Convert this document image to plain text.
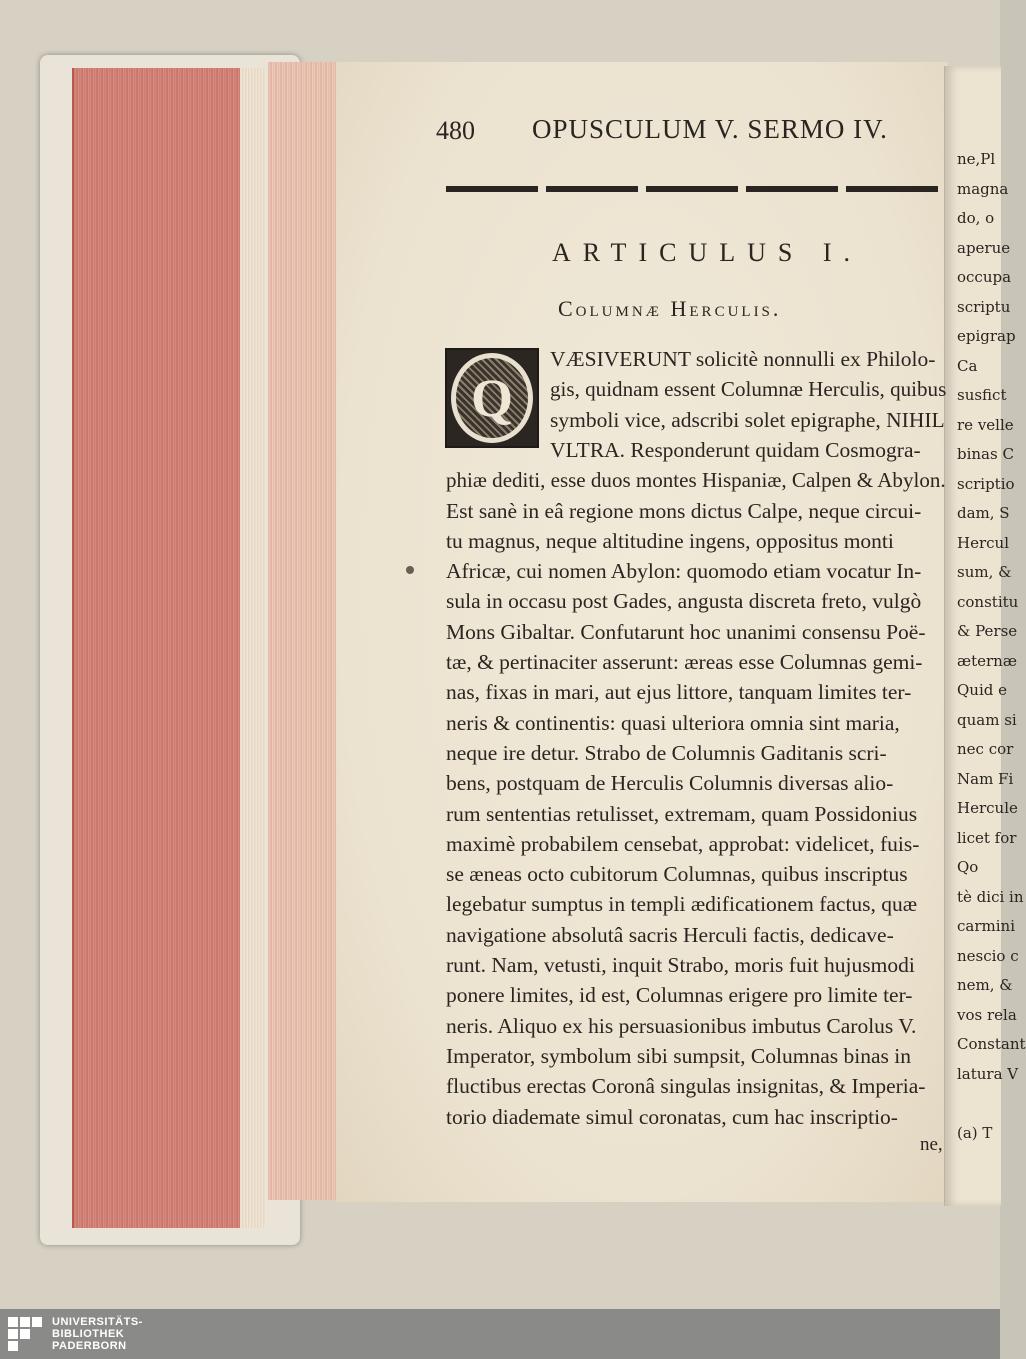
ne,Pl
magna
do, o
aperue
occupa
scriptu
epigrap
Ca
susfict
re velle
binas C
scriptio
dam, S
Hercul
sum, &
constitu
& Perse
æternæ
Quid e
quam si
nec cor
Nam Fi
Hercule
licet for
Qo
tè dici in
carmini
nescio c
nem, &
vos rela
Constant
latura V
(a) T
480 OPUSCULUM V. SERMO IV.
ARTICULUS I.
Columnæ Herculis.
Q
VÆSIVERUNT solicitè nonnulli ex Philolo-
gis, quidnam essent Columnæ Herculis, quibus
symboli vice, adscribi solet epigraphe, NIHIL
VLTRA. Responderunt quidam Cosmogra-
phiæ dediti, esse duos montes Hispaniæ, Calpen & Abylon.
Est sanè in eâ regione mons dictus Calpe, neque circui-
tu magnus, neque altitudine ingens, oppositus monti
Africæ, cui nomen Abylon: quomodo etiam vocatur In-
sula in occasu post Gades, angusta discreta freto, vulgò
Mons Gibaltar. Confutarunt hoc unanimi consensu Poë-
tæ, & pertinaciter asserunt: æreas esse Columnas gemi-
nas, fixas in mari, aut ejus littore, tanquam limites ter-
neris & continentis: quasi ulteriora omnia sint maria,
neque ire detur. Strabo de Columnis Gaditanis scri-
bens, postquam de Herculis Columnis diversas alio-
rum sententias retulisset, extremam, quam Possidonius
maximè probabilem censebat, approbat: videlicet, fuis-
se æneas octo cubitorum Columnas, quibus inscriptus
legebatur sumptus in templi ædificationem factus, quæ
navigatione absolutâ sacris Herculi factis, dedicave-
runt. Nam, vetusti, inquit Strabo, moris fuit hujusmodi
ponere limites, id est, Columnas erigere pro limite ter-
neris. Aliquo ex his persuasionibus imbutus Carolus V.
Imperator, symbolum sibi sumpsit, Columnas binas in
fluctibus erectas Coronâ singulas insignitas, & Imperia-
torio diademate simul coronatas, cum hac inscriptio-
ne,
UNIVERSITÄTS-
BIBLIOTHEK
PADERBORN
